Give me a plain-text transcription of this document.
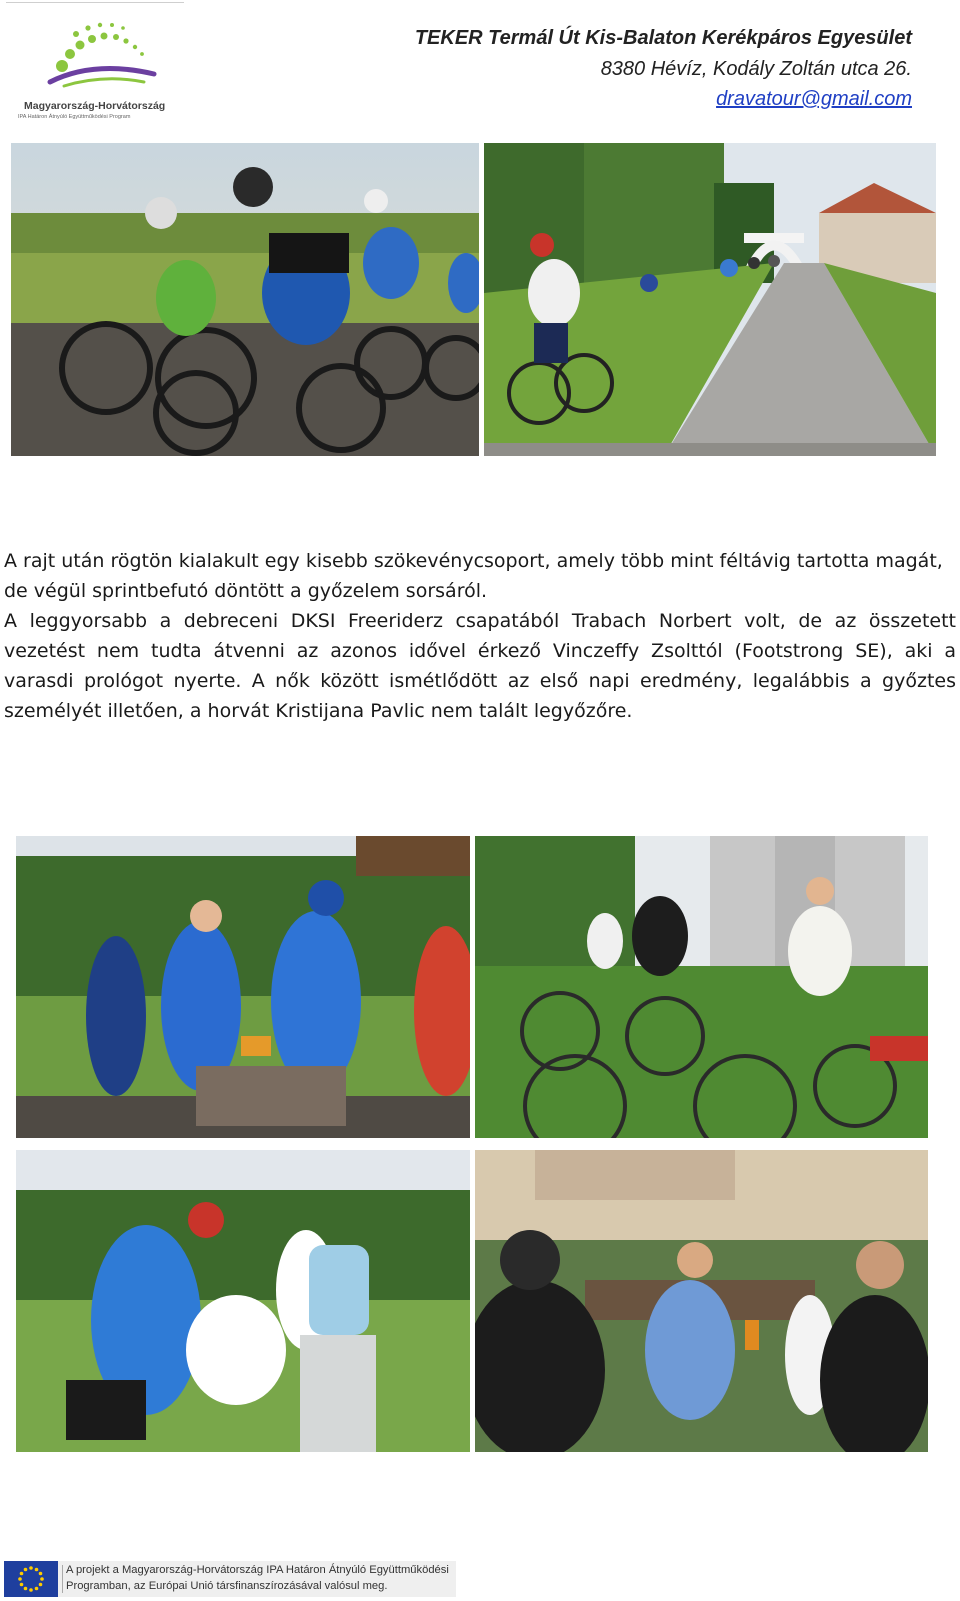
Magyarország-Horvátország
IPA Határon Átnyúló Együttműködési Program
TEKER Termál Út Kis-Balaton Kerékpáros Egyesület
8380 Hévíz, Kodály Zoltán utca 26.
dravatour@gmail.com
A rajt után rögtön kialakult egy kisebb szökevénycsoport, amely több mint féltávig tartotta magát, de végül sprintbefutó döntött a győzelem sorsáról.
A leggyorsabb a debreceni DKSI Freeriderz csapatából Trabach Norbert volt, de az összetett vezetést nem tudta átvenni az azonos idővel érkező Vinczeffy Zsolttól (Footstrong SE), aki a varasdi prológot nyerte. A nők között ismétlődött az első napi eredmény, legalábbis a győztes személyét illetően, a horvát Kristijana Pavlic nem talált legyőzőre.
A projekt a Magyarország-Horvátország IPA Határon Átnyúló Együttműködési
Programban, az Európai Unió társfinanszírozásával valósul meg.
